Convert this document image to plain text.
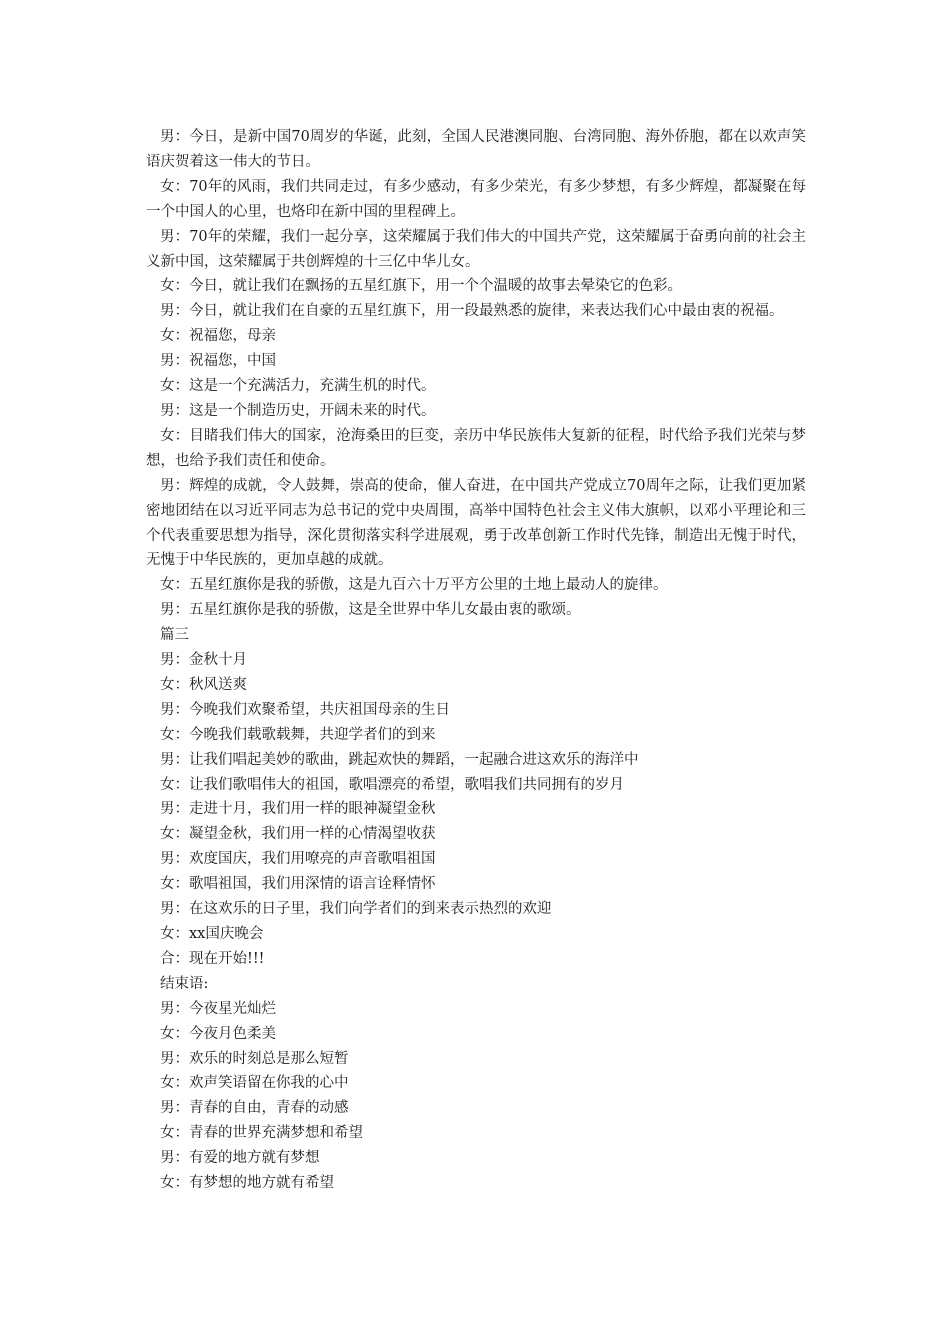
男：今日，是新中国70周岁的华诞，此刻，全国人民港澳同胞、台湾同胞、海外侨胞，都在以欢声笑语庆贺着这一伟大的节日。

女：70年的风雨，我们共同走过，有多少感动，有多少荣光，有多少梦想，有多少辉煌，都凝聚在每一个中国人的心里，也烙印在新中国的里程碑上。

男：70年的荣耀，我们一起分享，这荣耀属于我们伟大的中国共产党，这荣耀属于奋勇向前的社会主义新中国，这荣耀属于共创辉煌的十三亿中华儿女。

女：今日，就让我们在飘扬的五星红旗下，用一个个温暖的故事去晕染它的色彩。

男：今日，就让我们在自豪的五星红旗下，用一段最熟悉的旋律，来表达我们心中最由衷的祝福。

女：祝福您，母亲

男：祝福您，中国

女：这是一个充满活力，充满生机的时代。

男：这是一个制造历史，开阔未来的时代。

女：目睹我们伟大的国家，沧海桑田的巨变，亲历中华民族伟大复新的征程，时代给予我们光荣与梦想，也给予我们责任和使命。

男：辉煌的成就，令人鼓舞，崇高的使命，催人奋进，在中国共产党成立70周年之际，让我们更加紧密地团结在以习近平同志为总书记的党中央周围，高举中国特色社会主义伟大旗帜，以邓小平理论和三个代表重要思想为指导，深化贯彻落实科学进展观，勇于改革创新工作时代先锋，制造出无愧于时代，无愧于中华民族的，更加卓越的成就。

女：五星红旗你是我的骄傲，这是九百六十万平方公里的土地上最动人的旋律。

男：五星红旗你是我的骄傲，这是全世界中华儿女最由衷的歌颂。

篇三

男：金秋十月

女：秋风送爽

男：今晚我们欢聚希望，共庆祖国母亲的生日

女：今晚我们载歌载舞，共迎学者们的到来

男：让我们唱起美妙的歌曲，跳起欢快的舞蹈，一起融合进这欢乐的海洋中

女：让我们歌唱伟大的祖国，歌唱漂亮的希望，歌唱我们共同拥有的岁月

男：走进十月，我们用一样的眼神凝望金秋

女：凝望金秋，我们用一样的心情渴望收获

男：欢度国庆，我们用嘹亮的声音歌唱祖国

女：歌唱祖国，我们用深情的语言诠释情怀

男：在这欢乐的日子里，我们向学者们的到来表示热烈的欢迎

女：xx国庆晚会

合：现在开始!!!

结束语:

男：今夜星光灿烂

女：今夜月色柔美

男：欢乐的时刻总是那么短暂

女：欢声笑语留在你我的心中

男：青春的自由，青春的动感

女：青春的世界充满梦想和希望

男：有爱的地方就有梦想

女：有梦想的地方就有希望
